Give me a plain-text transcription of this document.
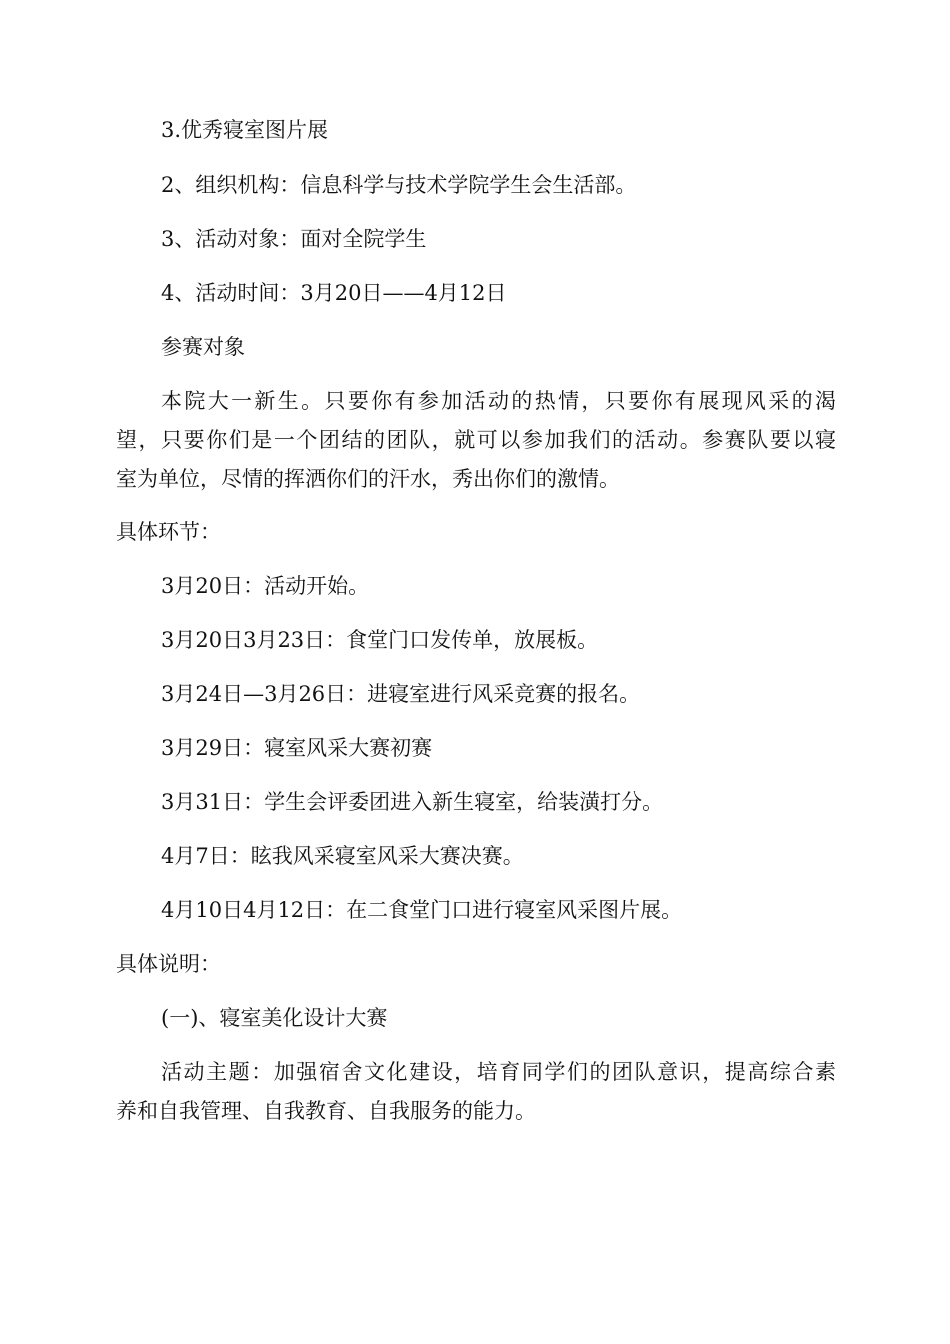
3.优秀寝室图片展
2、组织机构：信息科学与技术学院学生会生活部。
3、活动对象：面对全院学生
4、活动时间：3月20日——4月12日
参赛对象
本院大一新生。只要你有参加活动的热情，只要你有展现风采的渴
望，只要你们是一个团结的团队，就可以参加我们的活动。参赛队要以寝
室为单位，尽情的挥洒你们的汗水，秀出你们的激情。
具体环节：
3月20日：活动开始。
3月20日3月23日：食堂门口发传单，放展板。
3月24日—3月26日：进寝室进行风采竞赛的报名。
3月29日：寝室风采大赛初赛
3月31日：学生会评委团进入新生寝室，给装潢打分。
4月7日：眩我风采寝室风采大赛决赛。
4月10日4月12日：在二食堂门口进行寝室风采图片展。
具体说明：
(一)、寝室美化设计大赛
活动主题：加强宿舍文化建设，培育同学们的团队意识，提高综合素
养和自我管理、自我教育、自我服务的能力。
